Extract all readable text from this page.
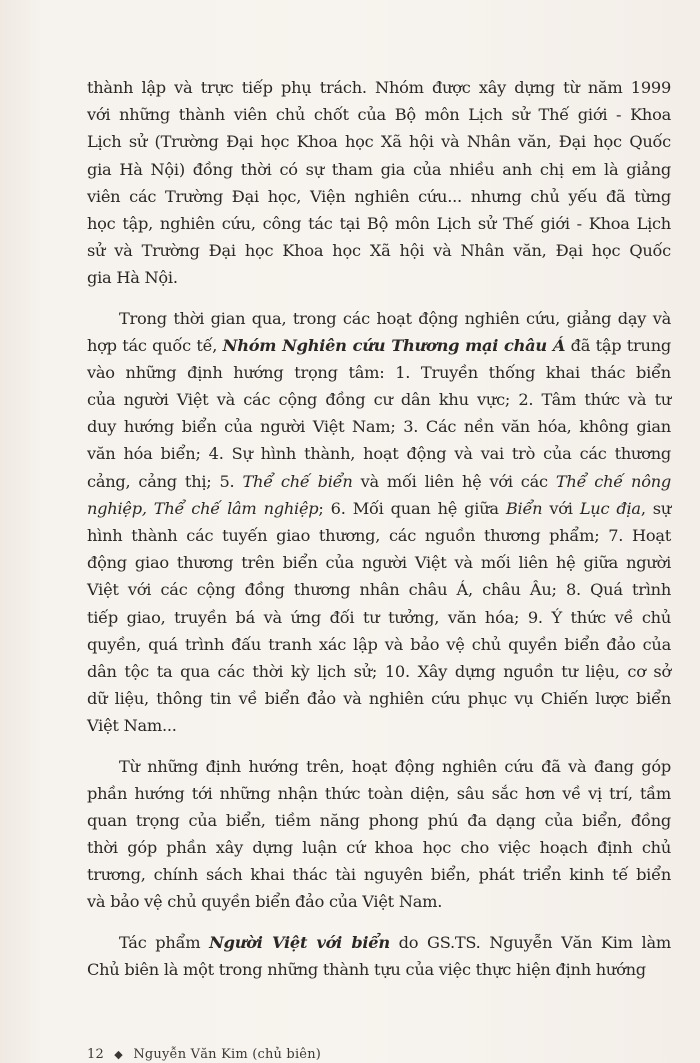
thành lập và trực tiếp phụ trách. Nhóm được xây dựng từ năm 1999
với những thành viên chủ chốt của Bộ môn Lịch sử Thế giới - Khoa
Lịch sử (Trường Đại học Khoa học Xã hội và Nhân văn, Đại học Quốc
gia Hà Nội) đồng thời có sự tham gia của nhiều anh chị em là giảng
viên các Trường Đại học, Viện nghiên cứu... nhưng chủ yếu đã từng
học tập, nghiên cứu, công tác tại Bộ môn Lịch sử Thế giới - Khoa Lịch
sử và Trường Đại học Khoa học Xã hội và Nhân văn, Đại học Quốc
gia Hà Nội.
Trong thời gian qua, trong các hoạt động nghiên cứu, giảng dạy và
hợp tác quốc tế, Nhóm Nghiên cứu Thương mại châu Á đã tập trung
vào những định hướng trọng tâm: 1. Truyền thống khai thác biển
của người Việt và các cộng đồng cư dân khu vực; 2. Tâm thức và tư
duy hướng biển của người Việt Nam; 3. Các nền văn hóa, không gian
văn hóa biển; 4. Sự hình thành, hoạt động và vai trò của các thương
cảng, cảng thị; 5. Thể chế biển và mối liên hệ với các Thể chế nông
nghiệp, Thể chế lâm nghiệp; 6. Mối quan hệ giữa Biển với Lục địa, sự
hình thành các tuyến giao thương, các nguồn thương phẩm; 7. Hoạt
động giao thương trên biển của người Việt và mối liên hệ giữa người
Việt với các cộng đồng thương nhân châu Á, châu Âu; 8. Quá trình
tiếp giao, truyền bá và ứng đối tư tưởng, văn hóa; 9. Ý thức về chủ
quyền, quá trình đấu tranh xác lập và bảo vệ chủ quyền biển đảo của
dân tộc ta qua các thời kỳ lịch sử; 10. Xây dựng nguồn tư liệu, cơ sở
dữ liệu, thông tin về biển đảo và nghiên cứu phục vụ Chiến lược biển
Việt Nam...
Từ những định hướng trên, hoạt động nghiên cứu đã và đang góp
phần hướng tới những nhận thức toàn diện, sâu sắc hơn về vị trí, tầm
quan trọng của biển, tiềm năng phong phú đa dạng của biển, đồng
thời góp phần xây dựng luận cứ khoa học cho việc hoạch định chủ
trương, chính sách khai thác tài nguyên biển, phát triển kinh tế biển
và bảo vệ chủ quyền biển đảo của Việt Nam.
Tác phẩm Người Việt với biển do GS.TS. Nguyễn Văn Kim làm
Chủ biên là một trong những thành tựu của việc thực hiện định hướng
12 ◆ Nguyễn Văn Kim (chủ biên)
